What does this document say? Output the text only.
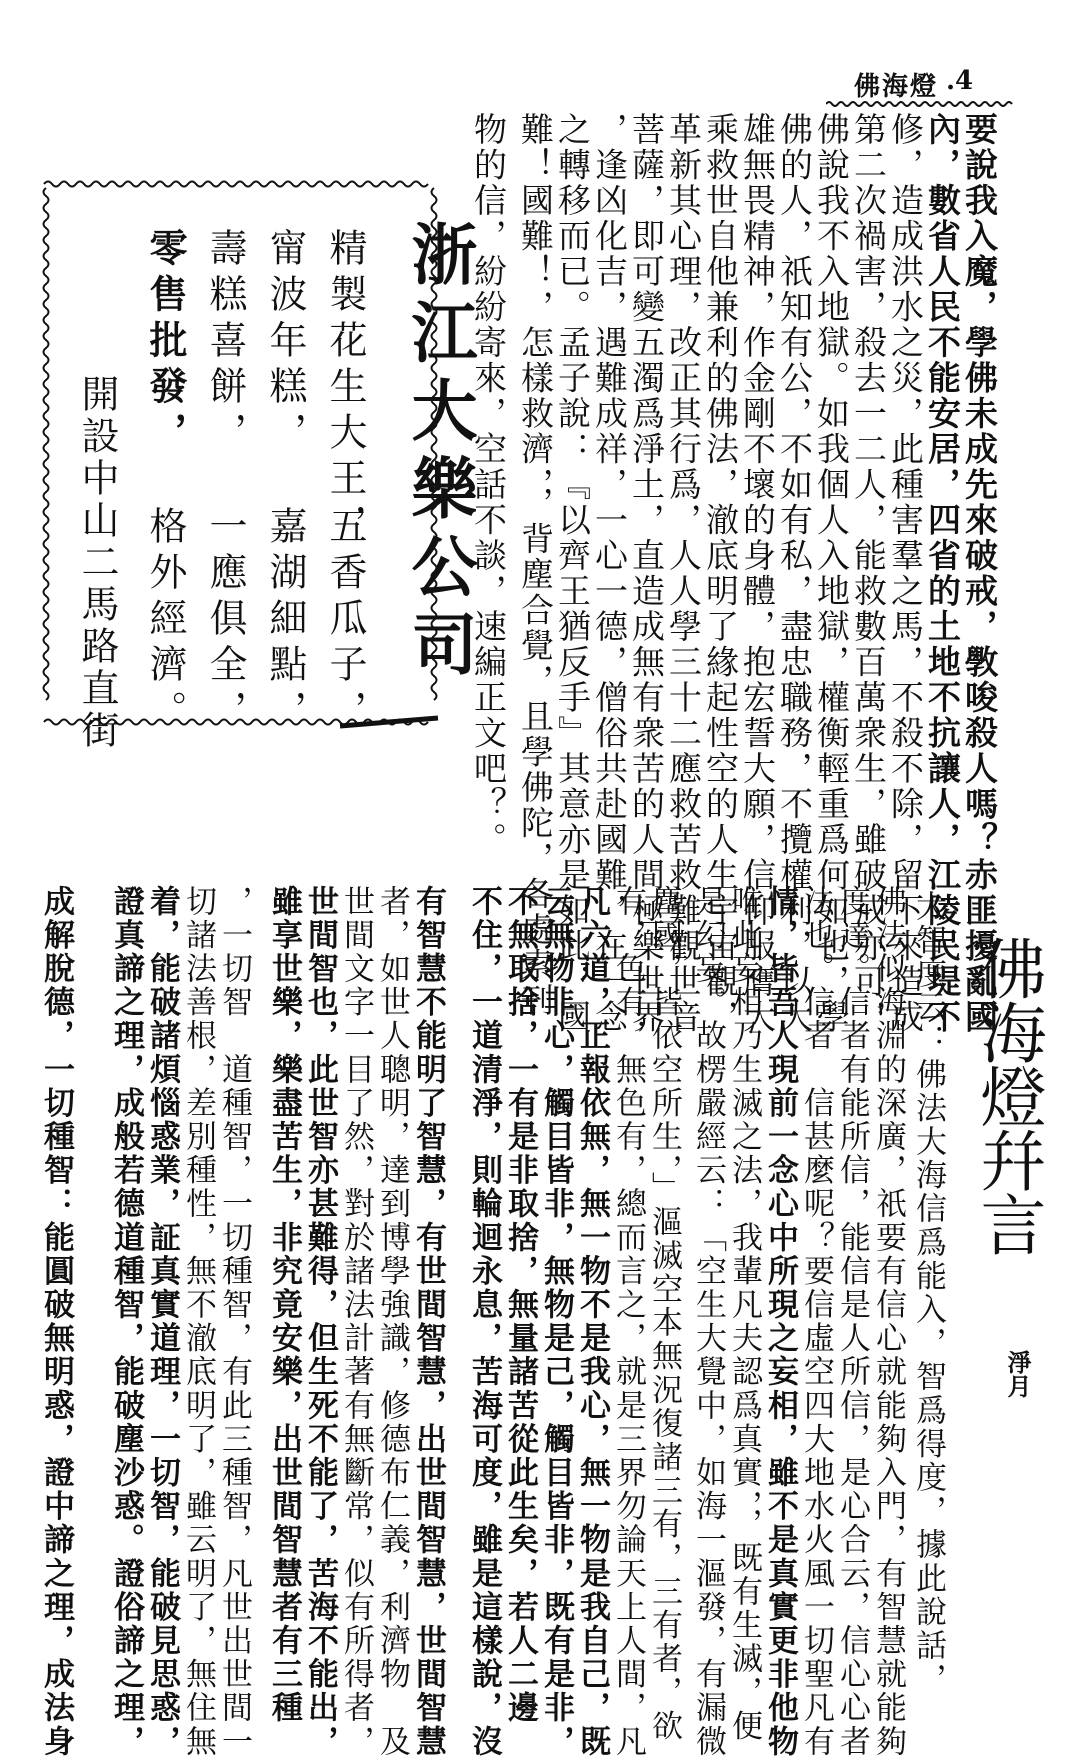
佛海燈 .4
要說我入魔，學佛未成先來破戒，斆唆殺人嗎？赤匪擾亂國
內，數省人民不能安居，四省的土地不抗讓人，江陵民堤不
修，造成洪水之災，此種害羣之馬，不殺不除，留下來造成
第二次禍害，殺去一二人，能救數百萬衆生，雖破戒亦可，
佛說我不入地獄。如我個人入地獄，權衡輕重爲何如也，學
佛的人，祇知有公，不如有私，盡忠職務，不攬權利，以大
雄無畏精神，作金剛不壞的身體，抱宏誓大願，信仰服膺大
乘救世自他兼利的佛法，澈底明了緣起性空的人生宇宙觀，
革新其心理，改正其行爲，人人學三十二應救苦救難觀世音
菩薩，即可變五濁爲淨土，直造成無有衆苦的人間極樂世界
，逢凶化吉，遇難成祥，一心一德，僧俗共赴國難，在一念
之轉移而已。孟子說：『以齊王猶反手』其意亦是如此，國
難！國難！，怎樣救濟，，背塵合覺，且學佛陀，各處索刊
物的信，紛紛寄來，空話不談，速編正文吧？。
浙江大樂公司
精製花生大王，
五香瓜子，
甯波年糕，
嘉湖細點，
壽糕喜餅，
一應俱全，
零售批發，
格外經濟。
開設中山二馬路直街
佛海燈幷言
淨月
大智度云：佛法大海信爲能入，智爲得度，據此說話，
佛法似海淵的深廣，祇要有信心就能夠入門，有智慧就能夠
度達。信者有能所信，能信是人所信，是心合云，信心心者
法也。信者　信甚麼呢？要信虛空四大地水火風一切聖凡有
情，皆吾人現前一念心中所現之妄相，雖不是真實更非他物
唯此妄相乃生滅之法，我輩凡夫認爲真實，，既有生滅，便
是幻妄。故楞嚴經云：「空生大覺中，如海一漚發，有漏微
塵國，皆依空所生，」漚滅空本無況復諸三有，三有者，欲
有，色有，無色有，總而言之，就是三界勿論天上人間，凡
凡六道，正報依無，無一物不是我心，無一物是我自己，既
云無物非心，觸目皆非，無物是己，觸目皆非，既有是非，
不無取捨，一有是非取捨，無量諸苦從此生矣，若人二邊
不住，一道清淨，則輪迴永息，苦海可度，雖是這樣說，沒
有智慧不能明了智慧，有世間智慧，出世間智慧，世間智慧
者，如世人聰明，達到博學強識，修德布仁義，利濟物　及
世間文字一目了然，對於諸法計著有無斷常，似有所得者，
世間智也，此世智亦甚難得，但生死不能了，苦海不能出，
雖享世樂，樂盡苦生，非究竟安樂，出世間智慧者有三種
，一切智　道種智，一切種智，有此三種智，凡世出世間一
切諸法善根，差別種性，無不澈底明了，雖云明了，無住無
着，能破諸煩惱惑業，証真實道理，一切智，能破見思惑，
證真諦之理，成般若德道種智，能破塵沙惑。證俗諦之理，
成解脫德，一切種智：能圓破無明惑，證中諦之理，成法身
